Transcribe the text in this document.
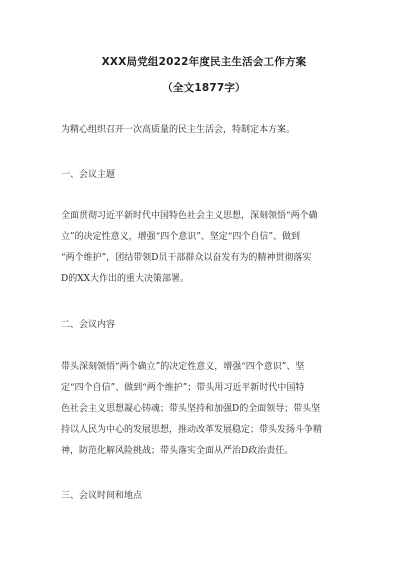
XXX局党组2022年度民主生活会工作方案
（全文1877字）
为精心组织召开一次高质量的民主生活会，特制定本方案。
一、会议主题
全面贯彻习近平新时代中国特色社会主义思想，深刻领悟“两个确
立”的决定性意义，增强“四个意识”、坚定“四个自信”、做到
“两个维护”，团结带领D员干部群众以奋发有为的精神贯彻落实
D的XX大作出的重大决策部署。
二、会议内容
带头深刻领悟“两个确立”的决定性意义，增强“四个意识”、坚
定“四个自信”、做到“两个维护”；带头用习近平新时代中国特
色社会主义思想凝心铸魂；带头坚持和加强D的全面领导；带头坚
持以人民为中心的发展思想，推动改革发展稳定；带头发扬斗争精
神，防范化解风险挑战；带头落实全面从严治D政治责任。
三、会议时间和地点
